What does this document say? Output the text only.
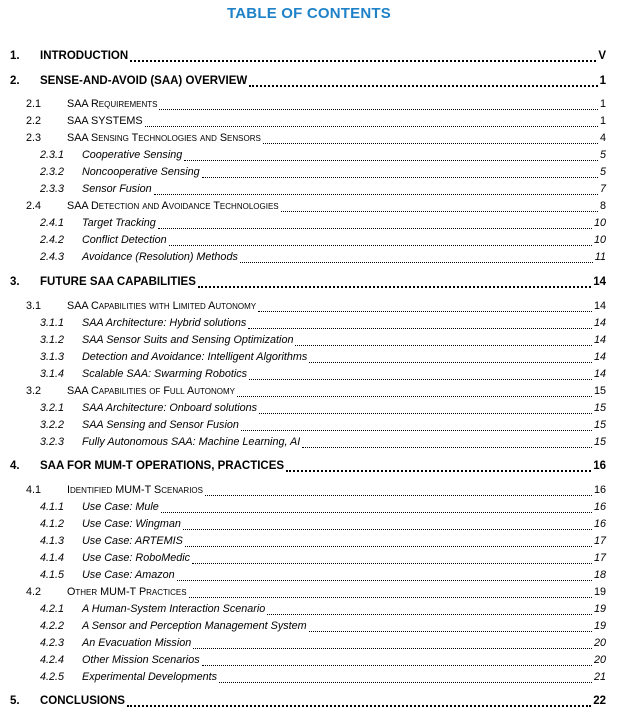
TABLE OF CONTENTS
1. INTRODUCTION	V
2. SENSE-AND-AVOID (SAA) OVERVIEW	1
2.1 SAA Requirements	1
2.2 SAA SYSTEMS	1
2.3 SAA Sensing Technologies and Sensors	4
2.3.1 Cooperative Sensing	5
2.3.2 Noncooperative Sensing	5
2.3.3 Sensor Fusion	7
2.4 SAA Detection and Avoidance Technologies	8
2.4.1 Target Tracking	10
2.4.2 Conflict Detection	10
2.4.3 Avoidance (Resolution) Methods	11
3. FUTURE SAA CAPABILITIES	14
3.1 SAA Capabilities with Limited Autonomy	14
3.1.1 SAA Architecture: Hybrid solutions	14
3.1.2 SAA Sensor Suits and Sensing Optimization	14
3.1.3 Detection and Avoidance: Intelligent Algorithms	14
3.1.4 Scalable SAA: Swarming Robotics	14
3.2 SAA Capabilities of Full Autonomy	15
3.2.1 SAA Architecture: Onboard solutions	15
3.2.2 SAA Sensing and Sensor Fusion	15
3.2.3 Fully Autonomous SAA: Machine Learning, AI	15
4. SAA FOR MUM-T OPERATIONS, PRACTICES	16
4.1 Identified MUM-T Scenarios	16
4.1.1 Use Case: Mule	16
4.1.2 Use Case: Wingman	16
4.1.3 Use Case: ARTEMIS	17
4.1.4 Use Case: RoboMedic	17
4.1.5 Use Case: Amazon	18
4.2 Other MUM-T Practices	19
4.2.1 A Human-System Interaction Scenario	19
4.2.2 A Sensor and Perception Management System	19
4.2.3 An Evacuation Mission	20
4.2.4 Other Mission Scenarios	20
4.2.5 Experimental Developments	21
5. CONCLUSIONS	22
